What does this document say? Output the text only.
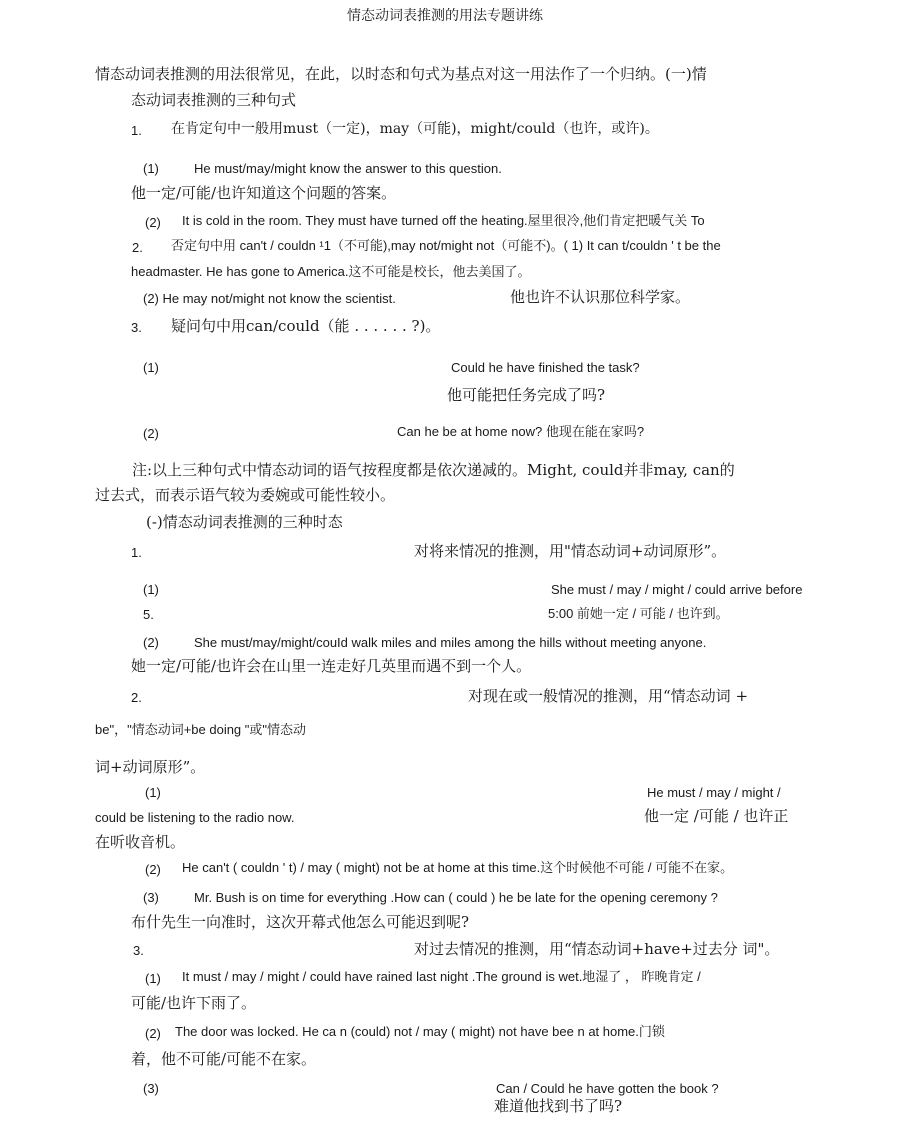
情态动词表推测的用法专题讲练
情态动词表推测的用法很常见，在此，以时态和句式为基点对这一用法作了一个归纳。(一)情
态动词表推测的三种句式
1. 在肯定句中一般用must（一定)，may（可能)，might/could（也许，或许)。
(1)	He must/may/might know the answer to this question.
他一定/可能/也许知道这个问题的答案。
(2) It is cold in the room. They must have turned off the heating.屋里很冷,他们肯定把暖气关 To
2. 否定句中用 can't / couldn ¹1（不可能),may not/might not（可能不)。( 1) It can t/couldn ' t be the
headmaster. He has gone to America.这不可能是校长，他去美国了。
(2) He may not/might not know the scientist.	他也许不认识那位科学家。
3. 疑问句中用can/could（能 . . . . . . ?)。
(1)	Could he have finished the task?
他可能把任务完成了吗?
(2)	Can he be at home now? 他现在能在家吗?
注:以上三种句式中情态动词的语气按程度都是依次递减的。Might, could并非may, can的
过去式，而表示语气较为委婉或可能性较小。
(-)情态动词表推测的三种时态
1.	对将来情况的推测，用"情态动词+动词原形”。
(1)	She must / may / might / could arrive before
5.	5:00 前她一定 / 可能 / 也许到。
(2)	She must/may/might/couId walk miles and miles among the hills without meeting anyone.
她一定/可能/也许会在山里一连走好几英里而遇不到一个人。
2.	对现在或一般情况的推测，用“情态动词 +
be"，"情态动词+be doing "或"情态动
词+动词原形”。
(1)	He must / may / might /
could be listening to the radio now.	他一定 /可能 / 也许正
在听收音机。
(2) He can't ( couldn ' t) / may ( might) not be at home at this time.这个时候他不可能 / 可能不在家。
(3)	Mr. Bush is on time for everything .How can ( could ) he be late for the opening ceremony ?
布什先生一向准时，这次开幕式他怎么可能迟到呢?
3.	对过去情况的推测，用“情态动词+have+过去分 词"。
(1) It must / may / might / could have rained last night .The ground is wet.地湿了 ， 昨晚肯定 /
可能/也许下雨了。
(2) The door was locked. He ca n (could) not / may ( might) not have bee n at home.门锁
着，他不可能/可能不在家。
(3)	Can / Could he have gotten the book ?
难道他找到书了吗?
